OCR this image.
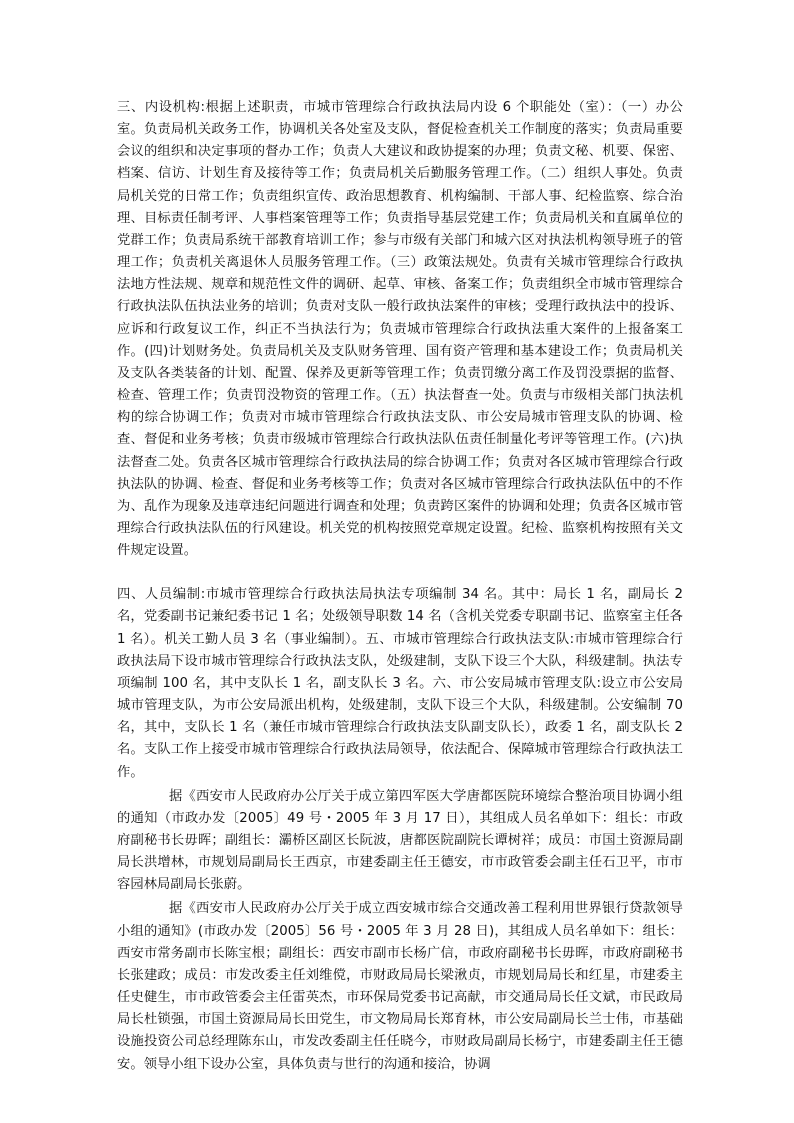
三、内设机构:根据上述职责，市城市管理综合行政执法局内设 6 个职能处（室）：（一）办公室。负责局机关政务工作，协调机关各处室及支队，督促检查机关工作制度的落实；负责局重要会议的组织和决定事项的督办工作；负责人大建议和政协提案的办理；负责文秘、机要、保密、档案、信访、计划生育及接待等工作；负责局机关后勤服务管理工作。（二）组织人事处。负责局机关党的日常工作；负责组织宣传、政治思想教育、机构编制、干部人事、纪检监察、综合治理、目标责任制考评、人事档案管理等工作；负责指导基层党建工作；负责局机关和直属单位的党群工作；负责局系统干部教育培训工作；参与市级有关部门和城六区对执法机构领导班子的管理工作；负责机关离退休人员服务管理工作。（三）政策法规处。负责有关城市管理综合行政执法地方性法规、规章和规范性文件的调研、起草、审核、备案工作；负责组织全市城市管理综合行政执法队伍执法业务的培训；负责对支队一般行政执法案件的审核；受理行政执法中的投诉、应诉和行政复议工作，纠正不当执法行为；负责城市管理综合行政执法重大案件的上报备案工作。(四)计划财务处。负责局机关及支队财务管理、国有资产管理和基本建设工作；负责局机关及支队各类装备的计划、配置、保养及更新等管理工作；负责罚缴分离工作及罚没票据的监督、检查、管理工作；负责罚没物资的管理工作。（五）执法督查一处。负责与市级相关部门执法机构的综合协调工作；负责对市城市管理综合行政执法支队、市公安局城市管理支队的协调、检查、督促和业务考核；负责市级城市管理综合行政执法队伍责任制量化考评等管理工作。(六)执法督查二处。负责各区城市管理综合行政执法局的综合协调工作；负责对各区城市管理综合行政执法队的协调、检查、督促和业务考核等工作；负责对各区城市管理综合行政执法队伍中的不作为、乱作为现象及违章违纪问题进行调查和处理；负责跨区案件的协调和处理；负责各区城市管理综合行政执法队伍的行风建设。机关党的机构按照党章规定设置。纪检、监察机构按照有关文件规定设置。

四、人员编制:市城市管理综合行政执法局执法专项编制 34 名。其中：局长 1 名，副局长 2 名，党委副书记兼纪委书记 1 名；处级领导职数 14 名（含机关党委专职副书记、监察室主任各 1 名）。机关工勤人员 3 名（事业编制）。五、市城市管理综合行政执法支队:市城市管理综合行政执法局下设市城市管理综合行政执法支队，处级建制，支队下设三个大队，科级建制。执法专项编制 100 名，其中支队长 1 名，副支队长 3 名。六、市公安局城市管理支队:设立市公安局城市管理支队，为市公安局派出机构，处级建制，支队下设三个大队，科级建制。公安编制 70 名，其中，支队长 1 名（兼任市城市管理综合行政执法支队副支队长），政委 1 名，副支队长 2 名。支队工作上接受市城市管理综合行政执法局领导，依法配合、保障城市管理综合行政执法工作。

据《西安市人民政府办公厅关于成立第四军医大学唐都医院环境综合整治项目协调小组的通知（市政办发〔2005〕49 号・2005 年 3 月 17 日），其组成人员名单如下：组长：市政府副秘书长毋晖；副组长：灞桥区副区长阮波，唐都医院副院长谭树祥；成员：市国土资源局副局长洪增林，市规划局副局长王西京，市建委副主任王德安，市市政管委会副主任石卫平，市市容园林局副局长张蔚。

据《西安市人民政府办公厅关于成立西安城市综合交通改善工程利用世界银行贷款领导小组的通知》(市政办发〔2005〕56 号・2005 年 3 月 28 日)，其组成人员名单如下：组长：西安市常务副市长陈宝根；副组长：西安市副市长杨广信，市政府副秘书长毋晖，市政府副秘书长张建政；成员：市发改委主任刘维傥，市财政局局长梁湫贞，市规划局局长和红星，市建委主任史健生，市市政管委会主任雷英杰，市环保局党委书记高献，市交通局局长任文斌，市民政局局长杜锁强，市国土资源局局长田党生，市文物局局长郑育林，市公安局副局长兰士伟，市基础设施投资公司总经理陈东山，市发改委副主任任晓今，市财政局副局长杨宁，市建委副主任王德安。领导小组下设办公室，具体负责与世行的沟通和接洽，协调
